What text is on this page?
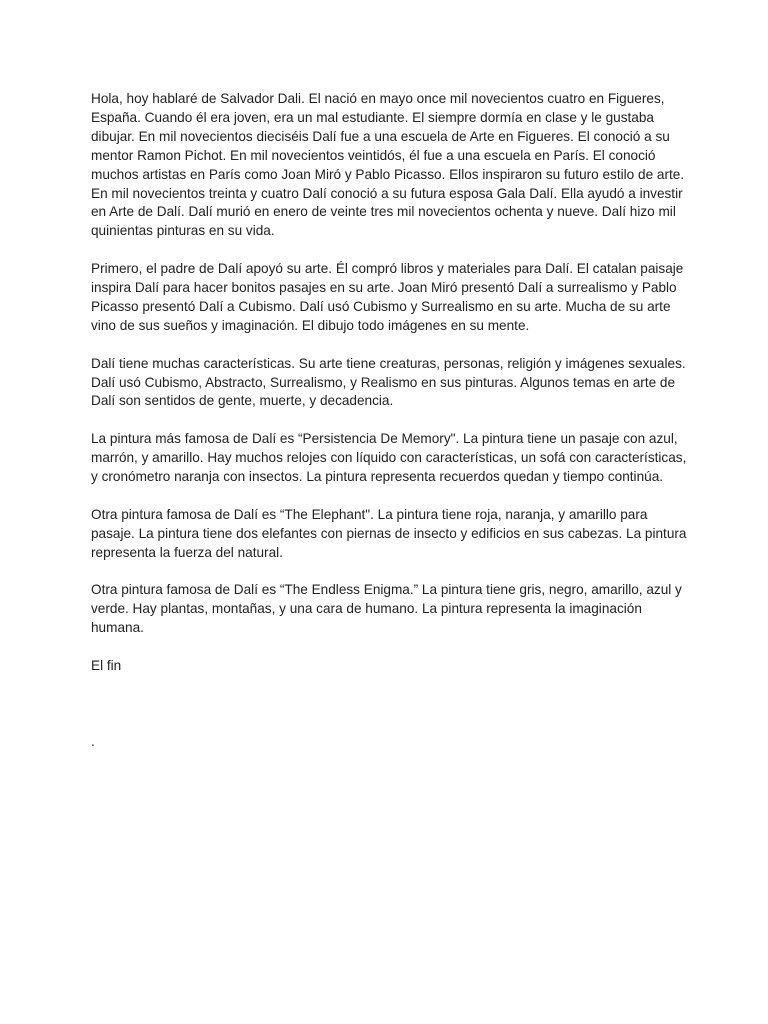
Hola, hoy hablaré de Salvador Dali. El nació en mayo once mil novecientos cuatro en Figueres, España. Cuando él era joven, era un mal estudiante. El siempre dormía en clase y le gustaba dibujar. En mil novecientos dieciséis Dalí fue a una escuela de Arte en Figueres. El conoció a su mentor Ramon Pichot. En mil novecientos veintidós, él fue a una escuela en París. El conoció muchos artistas en París como Joan Miró y Pablo Picasso. Ellos inspiraron su futuro estilo de arte. En mil novecientos treinta y cuatro Dalí conoció a su futura esposa Gala Dalí. Ella ayudó a investir en Arte de Dalí. Dalí murió en enero de veinte tres mil novecientos ochenta y nueve. Dalí hizo mil quinientas pinturas en su vida.

Primero, el padre de Dalí apoyó su arte. Él compró libros y materiales para Dalí. El catalan paisaje inspira Dalí para hacer bonitos pasajes en su arte. Joan Miró presentó Dalí a surrealismo y Pablo Picasso presentó Dalí a Cubismo. Dalí usó Cubismo y Surrealismo en su arte. Mucha de su arte vino de sus sueños y imaginación. El dibujo todo imágenes en su mente.

Dalí tiene muchas características. Su arte tiene creaturas, personas, religión y imágenes sexuales. Dalí usó Cubismo, Abstracto, Surrealismo, y Realismo en sus pinturas. Algunos temas en arte de Dalí son sentidos de gente, muerte, y decadencia.

La pintura más famosa de Dalí es “Persistencia De Memory". La pintura tiene un pasaje con azul, marrón, y amarillo. Hay muchos relojes con líquido con características, un sofá con características, y cronómetro naranja con insectos. La pintura representa recuerdos quedan y tiempo continúa.

Otra pintura famosa de Dalí es “The Elephant". La pintura tiene roja, naranja, y amarillo para pasaje. La pintura tiene dos elefantes con piernas de insecto y edificios en sus cabezas. La pintura representa la fuerza del natural.

Otra pintura famosa de Dalí es “The Endless Enigma.” La pintura tiene gris, negro, amarillo, azul y verde. Hay plantas, montañas, y una cara de humano. La pintura representa la imaginación humana.

El fin

.
